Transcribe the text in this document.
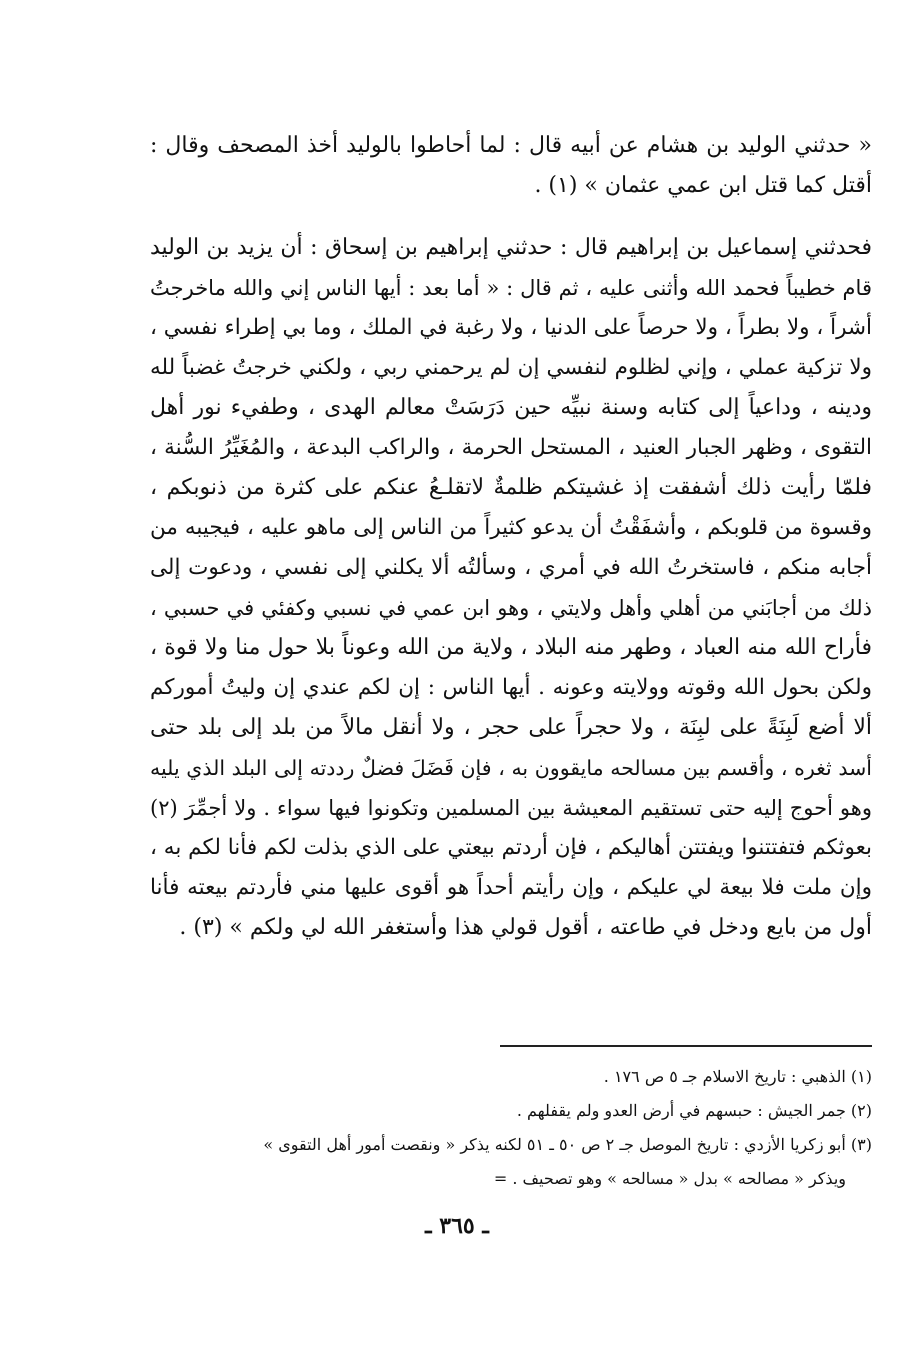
« حدثني الوليد بن هشام عن أبيه قال : لما أحاطوا بالوليد أخذ المصحف وقال :
أقتل كما قتل ابن عمي عثمان » (١) .
فحدثني إسماعيل بن إبراهيم قال : حدثني إبراهيم بن إسحاق : أن يزيد بن الوليد
قام خطيباً فحمد الله وأثنى عليه ، ثم قال : « أما بعد : أيها الناس إني والله ماخرجتُ
أشراً ، ولا بطراً ، ولا حرصاً على الدنيا ، ولا رغبة في الملك ، وما بي إطراء نفسي ،
ولا تزكية عملي ، وإني لظلوم لنفسي إن لم يرحمني ربي ، ولكني خرجتُ غضباً لله
ودينه ، وداعياً إلى كتابه وسنة نبيِّه حين دَرَسَتْ معالم الهدى ، وطفيء نور أهل
التقوى ، وظهر الجبار العنيد ، المستحل الحرمة ، والراكب البدعة ، والمُغَيِّرُ السُّنة ،
فلمّا رأيت ذلك أشفقت إذ غشيتكم ظلمةٌ لاتقلـعُ عنكم على كثرة من ذنوبكم ،
وقسوة من قلوبكم ، وأشفَقْتُ أن يدعو كثيراً من الناس إلى ماهو عليه ، فيجيبه من
أجابه منكم ، فاستخرتُ الله في أمري ، وسألتُه ألا يكلني إلى نفسي ، ودعوت إلى
ذلك من أجابَني من أهلي وأهل ولايتي ، وهو ابن عمي في نسبي وكفئي في حسبي ،
فأراح الله منه العباد ، وطهر منه البلاد ، ولاية من الله وعوناً بلا حول منا ولا قوة ،
ولكن بحول الله وقوته وولايته وعونه . أيها الناس : إن لكم عندي إن وليتُ أموركم
ألا أضع لَبِنَةً على لبِنَة ، ولا حجراً على حجر ، ولا أنقل مالاً من بلد إلى بلد حتى
أسد ثغره ، وأقسم بين مسالحه مايقوون به ، فإن فَضَلَ فضلٌ رددته إلى البلد الذي يليه
وهو أحوج إليه حتى تستقيم المعيشة بين المسلمين وتكونوا فيها سواء . ولا أجمِّرَ (٢)
بعوثكم فتفتتنوا ويفتتن أهاليكم ، فإن أردتم بيعتي على الذي بذلت لكم فأنا لكم به ،
وإن ملت فلا بيعة لي عليكم ، وإن رأيتم أحداً هو أقوى عليها مني فأردتم بيعته فأنا
أول من بايع ودخل في طاعته ، أقول قولي هذا وأستغفر الله لي ولكم » (٣) .
(١) الذهبي : تاريخ الاسلام جـ ٥ ص ١٧٦ .
(٢) جمر الجيش : حبسهم في أرض العدو ولم يقفلهم .
(٣) أبو زكريا الأزدي : تاريخ الموصل جـ ٢ ص ٥٠ ـ ٥١ لكنه يذكر « ونقصت أمور أهل التقوى »
ويذكر « مصالحه » بدل « مسالحه » وهو تصحيف . =
ـ ٣٦٥ ـ
